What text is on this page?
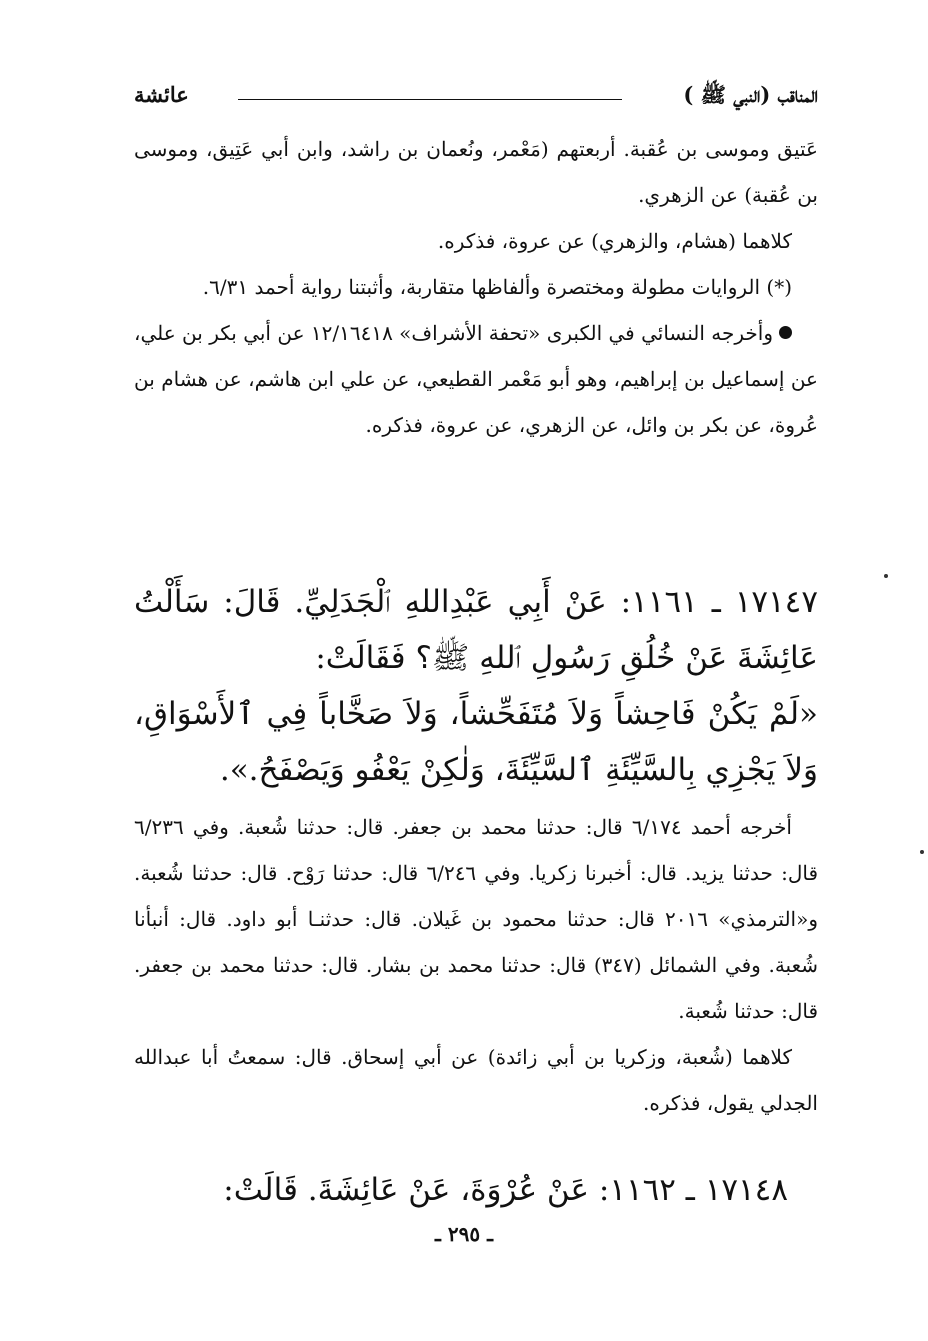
المناقب (النبي ﷺ )
عائشة

عَتيق وموسى بن عُقبة. أربعتهم (مَعْمر، ونُعمان بن راشد، وابن أبي عَتِيق، وموسى بن عُقبة) عن الزهري.

كلاهما (هشام، والزهري) عن عروة، فذكره.

(*) الروايات مطولة ومختصرة وألفاظها متقاربة، وأثبتنا رواية أحمد ٦/٣١.

وأخرجه النسائي في الكبرى «تحفة الأشراف» ١٢/١٦٤١٨ عن أبي بكر بن علي، عن إسماعيل بن إبراهيم، وهو أبو مَعْمر القطيعي، عن علي ابن هاشم، عن هشام بن عُروة، عن بكر بن وائل، عن الزهري، عن عروة، فذكره.

١٧١٤٧ ـ ١١٦١: عَنْ أَبِي عَبْدِاللهِ ٱلْجَدَلِيِّ. قَالَ: سَأَلْتُ عَائِشَةَ عَنْ خُلُقِ رَسُولِ ٱللهِ ﷺ؟ فَقَالَتْ:

«لَمْ يَكُنْ فَاحِشاً وَلاَ مُتَفَحِّشاً، وَلاَ صَخَّاباً فِي ٱلأَسْوَاقِ، وَلاَ يَجْزِي بِالسَّيِّئَةِ ٱلسَّيِّئَةَ، وَلٰكِنْ يَعْفُو وَيَصْفَحُ.».

أخرجه أحمد ٦/١٧٤ قال: حدثنا محمد بن جعفر. قال: حدثنا شُعبة. وفي ٦/٢٣٦ قال: حدثنا يزيد. قال: أخبرنا زكريا. وفي ٦/٢٤٦ قال: حدثنا رَوْح. قال: حدثنا شُعبة. و«الترمذي» ٢٠١٦ قال: حدثنا محمود بن غَيلان. قال: حدثنـا أبو داود. قال: أنبأنا شُعبة. وفي الشمائل (٣٤٧) قال: حدثنا محمد بن بشار. قال: حدثنا محمد بن جعفر. قال: حدثنا شُعبة.

كلاهما (شُعبة، وزكريا بن أبي زائدة) عن أبي إسحاق. قال: سمعتُ أبا عبدالله الجدلي يقول، فذكره.

١٧١٤٨ ـ ١١٦٢: عَنْ عُرْوَةَ، عَنْ عَائِشَةَ. قَالَتْ:

ـ ٢٩٥ ـ
